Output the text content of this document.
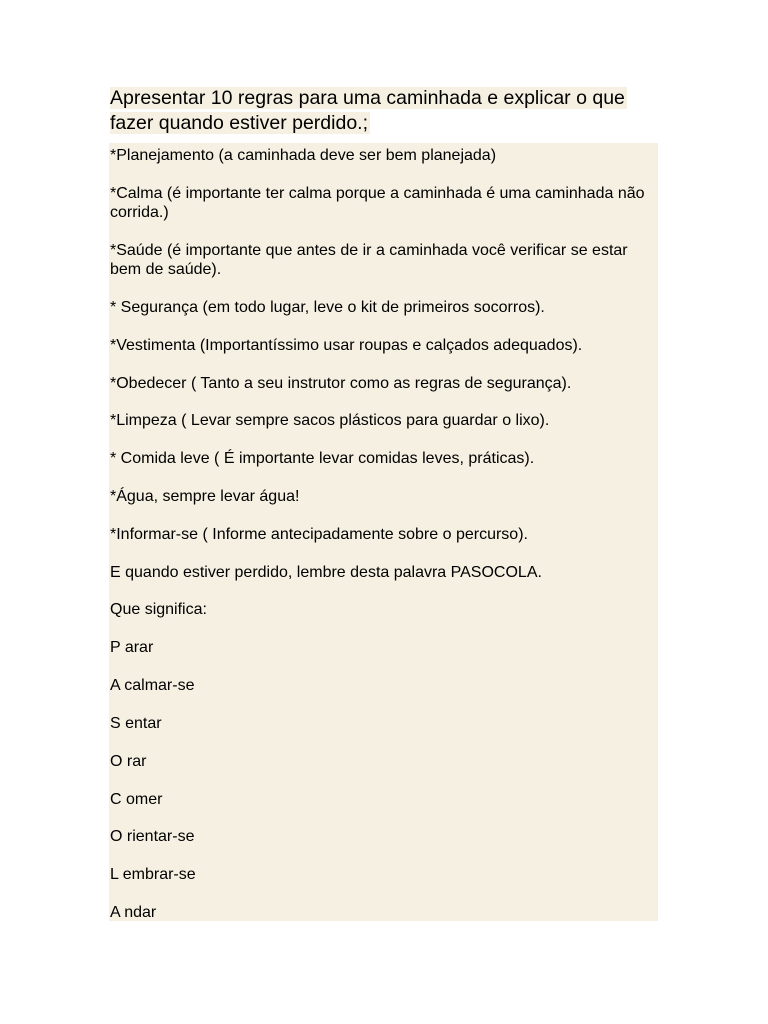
Apresentar 10 regras para uma caminhada e explicar o que fazer quando estiver perdido.;
*Planejamento (a caminhada deve ser bem planejada)
*Calma (é importante ter calma porque a caminhada é uma caminhada não corrida.)
*Saúde (é importante que antes de ir a caminhada você verificar se estar bem de saúde).
* Segurança (em todo lugar, leve o kit de primeiros socorros).
*Vestimenta (Importantíssimo usar roupas e calçados adequados).
*Obedecer ( Tanto a seu instrutor como as regras de segurança).
*Limpeza ( Levar sempre sacos plásticos para guardar o lixo).
* Comida leve ( É importante levar comidas leves, práticas).
*Água, sempre levar água!
*Informar-se ( Informe antecipadamente sobre o percurso).
E quando estiver perdido, lembre desta palavra PASOCOLA.
Que significa:
P arar
A calmar-se
S entar
O rar
C omer
O rientar-se
L embrar-se
A ndar
